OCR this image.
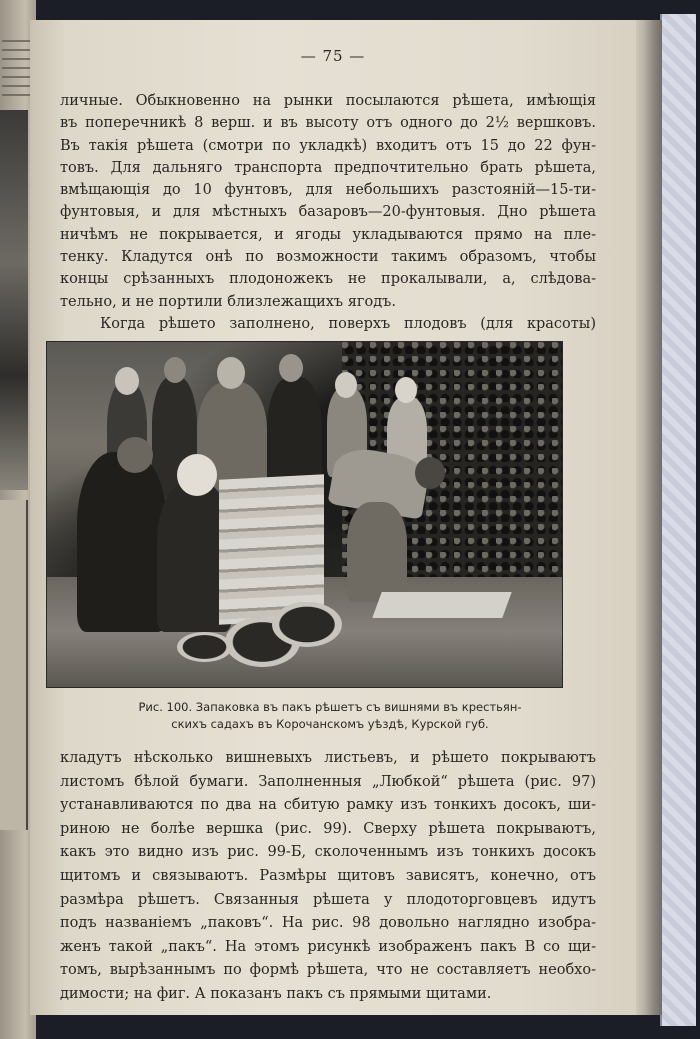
— 75 —
личные. Обыкновенно на рынки посылаются рѣшета, имѣющія
въ поперечникѣ 8 верш. и въ высоту отъ одного до 2½ вершковъ.
Въ такія рѣшета (смотри по укладкѣ) входитъ отъ 15 до 22 фун-
товъ. Для дальняго транспорта предпочтительно брать рѣшета,
вмѣщающія до 10 фунтовъ, для небольшихъ разстояній—15-ти-
фунтовыя, и для мѣстныхъ базаровъ—20-фунтовыя. Дно рѣшета
ничѣмъ не покрывается, и ягоды укладываются прямо на плe-
тенку. Кладутся онѣ по возможности такимъ образомъ, чтобы
концы срѣзанныхъ плодоножекъ не прокалывали, а, слѣдова-
тельно, и не портили близлежащихъ ягодъ.
Когда рѣшето заполнено, поверхъ плодовъ (для красоты)
Рис. 100. Запаковка въ пакъ рѣшетъ съ вишнями въ крестьян-
скихъ садахъ въ Корочанскомъ уѣздѣ, Курской губ.
кладутъ нѣсколько вишневыхъ листьевъ, и рѣшето покрываютъ
листомъ бѣлой бумаги. Заполненныя „Любкой“ рѣшета (рис. 97)
устанавливаются по два на сбитую рамку изъ тонкихъ досокъ, ши-
риною не болѣе вершка (рис. 99). Сверху рѣшета покрываютъ,
какъ это видно изъ рис. 99-Б, сколоченнымъ изъ тонкихъ досокъ
щитомъ и связываютъ. Размѣры щитовъ зависятъ, конечно, отъ
размѣра рѣшетъ. Связанныя рѣшета у плодоторговцевъ идутъ
подъ названіемъ „паковъ“. На рис. 98 довольно наглядно изобра-
женъ такой „пакъ“. На этомъ рисункѣ изображенъ пакъ В со щи-
томъ, вырѣзаннымъ по формѣ рѣшета, что не составляетъ необхо-
димости; на фиг. А показанъ пакъ съ прямыми щитами.
